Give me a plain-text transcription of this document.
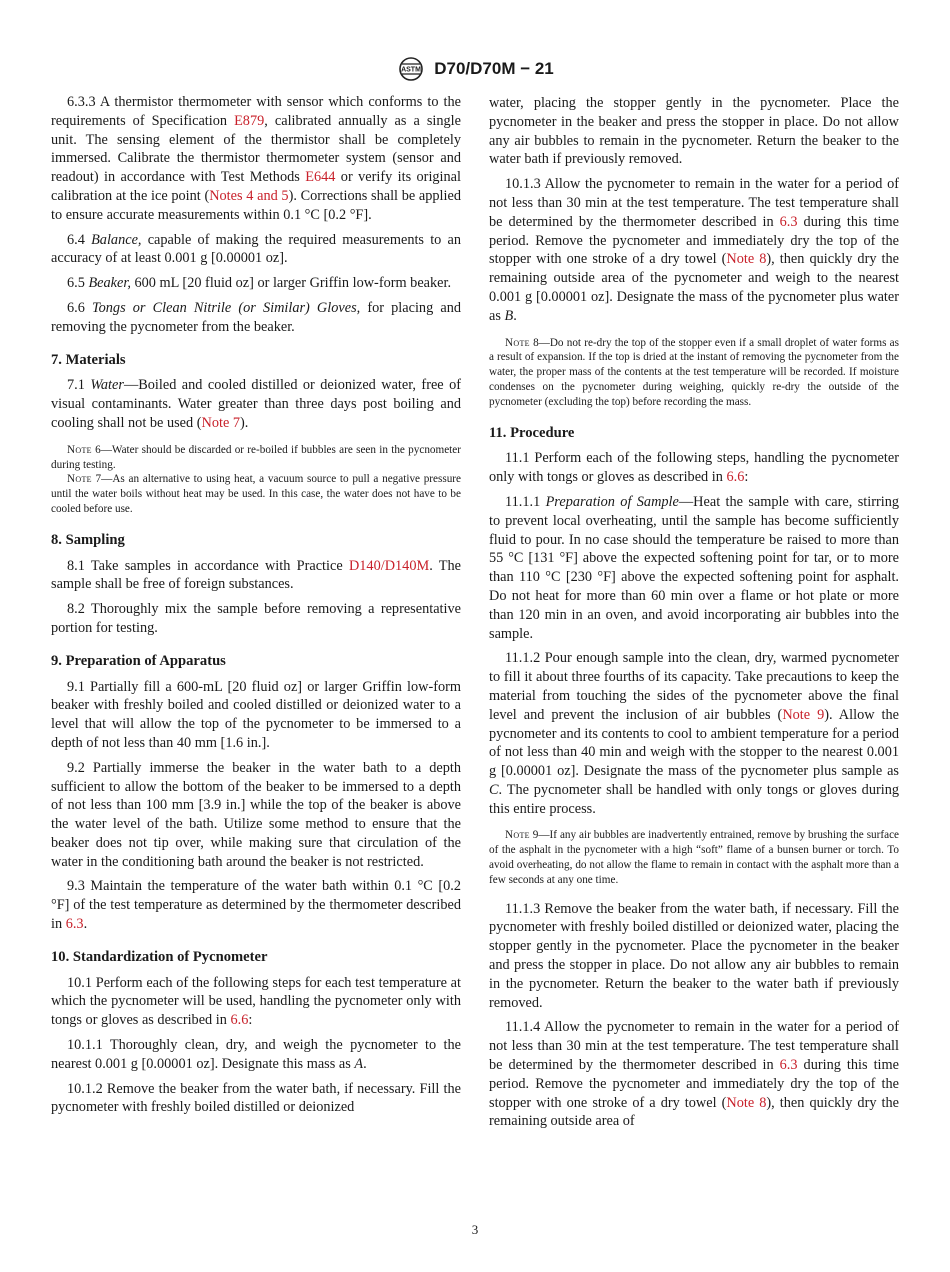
ASTM D70/D70M − 21

6.3.3 A thermistor thermometer with sensor which conforms to the requirements of Specification E879, calibrated annually as a single unit. The sensing element of the thermistor shall be completely immersed. Calibrate the thermistor thermometer system (sensor and readout) in accordance with Test Methods E644 or verify its original calibration at the ice point (Notes 4 and 5). Corrections shall be applied to ensure accurate measurements within 0.1 °C [0.2 °F].

6.4 Balance, capable of making the required measurements to an accuracy of at least 0.001 g [0.00001 oz].

6.5 Beaker, 600 mL [20 fluid oz] or larger Griffin low-form beaker.

6.6 Tongs or Clean Nitrile (or Similar) Gloves, for placing and removing the pycnometer from the beaker.

7. Materials

7.1 Water—Boiled and cooled distilled or deionized water, free of visual contaminants. Water greater than three days post boiling and cooling shall not be used (Note 7).

Note 6—Water should be discarded or re-boiled if bubbles are seen in the pycnometer during testing.

Note 7—As an alternative to using heat, a vacuum source to pull a negative pressure until the water boils without heat may be used. In this case, the water does not have to be cooled before use.

8. Sampling

8.1 Take samples in accordance with Practice D140/D140M. The sample shall be free of foreign substances.

8.2 Thoroughly mix the sample before removing a representative portion for testing.

9. Preparation of Apparatus

9.1 Partially fill a 600-mL [20 fluid oz] or larger Griffin low-form beaker with freshly boiled and cooled distilled or deionized water to a level that will allow the top of the pycnometer to be immersed to a depth of not less than 40 mm [1.6 in.].

9.2 Partially immerse the beaker in the water bath to a depth sufficient to allow the bottom of the beaker to be immersed to a depth of not less than 100 mm [3.9 in.] while the top of the beaker is above the water level of the bath. Utilize some method to ensure that the beaker does not tip over, while making sure that circulation of the water in the conditioning bath around the beaker is not restricted.

9.3 Maintain the temperature of the water bath within 0.1 °C [0.2 °F] of the test temperature as determined by the thermometer described in 6.3.

10. Standardization of Pycnometer

10.1 Perform each of the following steps for each test temperature at which the pycnometer will be used, handling the pycnometer only with tongs or gloves as described in 6.6:

10.1.1 Thoroughly clean, dry, and weigh the pycnometer to the nearest 0.001 g [0.00001 oz]. Designate this mass as A.

10.1.2 Remove the beaker from the water bath, if necessary. Fill the pycnometer with freshly boiled distilled or deionized

water, placing the stopper gently in the pycnometer. Place the pycnometer in the beaker and press the stopper in place. Do not allow any air bubbles to remain in the pycnometer. Return the beaker to the water bath if previously removed.

10.1.3 Allow the pycnometer to remain in the water for a period of not less than 30 min at the test temperature. The test temperature shall be determined by the thermometer described in 6.3 during this time period. Remove the pycnometer and immediately dry the top of the stopper with one stroke of a dry towel (Note 8), then quickly dry the remaining outside area of the pycnometer and weigh to the nearest 0.001 g [0.00001 oz]. Designate the mass of the pycnometer plus water as B.

Note 8—Do not re-dry the top of the stopper even if a small droplet of water forms as a result of expansion. If the top is dried at the instant of removing the pycnometer from the water, the proper mass of the contents at the test temperature will be recorded. If moisture condenses on the pycnometer during weighing, quickly re-dry the outside of the pycnometer (excluding the top) before recording the mass.

11. Procedure

11.1 Perform each of the following steps, handling the pycnometer only with tongs or gloves as described in 6.6:

11.1.1 Preparation of Sample—Heat the sample with care, stirring to prevent local overheating, until the sample has become sufficiently fluid to pour. In no case should the temperature be raised to more than 55 °C [131 °F] above the expected softening point for tar, or to more than 110 °C [230 °F] above the expected softening point for asphalt. Do not heat for more than 60 min over a flame or hot plate or more than 120 min in an oven, and avoid incorporating air bubbles into the sample.

11.1.2 Pour enough sample into the clean, dry, warmed pycnometer to fill it about three fourths of its capacity. Take precautions to keep the material from touching the sides of the pycnometer above the final level and prevent the inclusion of air bubbles (Note 9). Allow the pycnometer and its contents to cool to ambient temperature for a period of not less than 40 min and weigh with the stopper to the nearest 0.001 g [0.00001 oz]. Designate the mass of the pycnometer plus sample as C. The pycnometer shall be handled with only tongs or gloves during this entire process.

Note 9—If any air bubbles are inadvertently entrained, remove by brushing the surface of the asphalt in the pycnometer with a high “soft” flame of a bunsen burner or torch. To avoid overheating, do not allow the flame to remain in contact with the asphalt more than a few seconds at any one time.

11.1.3 Remove the beaker from the water bath, if necessary. Fill the pycnometer with freshly boiled distilled or deionized water, placing the stopper gently in the pycnometer. Place the pycnometer in the beaker and press the stopper in place. Do not allow any air bubbles to remain in the pycnometer. Return the beaker to the water bath if previously removed.

11.1.4 Allow the pycnometer to remain in the water for a period of not less than 30 min at the test temperature. The test temperature shall be determined by the thermometer described in 6.3 during this time period. Remove the pycnometer and immediately dry the top of the stopper with one stroke of a dry towel (Note 8), then quickly dry the remaining outside area of

3
